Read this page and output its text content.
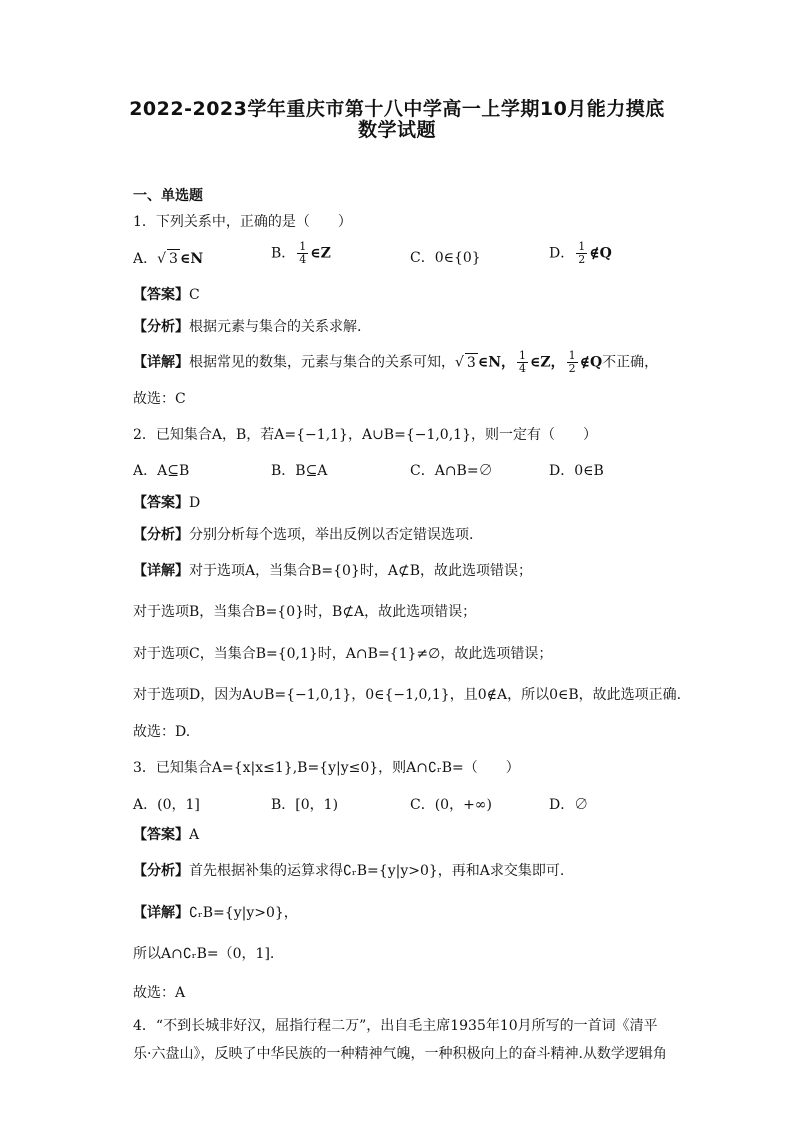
2022-2023学年重庆市第十八中学高一上学期10月能力摸底
数学试题
一、单选题
1．下列关系中，正确的是（　　）
A．√ 3 ∈N	B． $\frac{1}{4}$ ∈Z	C．0∈{0}	D． $\frac{1}{2}$ ∉Q
【答案】C
【分析】根据元素与集合的关系求解.
【详解】根据常见的数集，元素与集合的关系可知，√ 3 ∈N， $\frac{1}{4}$ ∈Z， $\frac{1}{2}$ ∉Q不正确，
故选：C
2．已知集合A，B，若A={−1,1}，A∪B={−1,0,1}，则一定有（　　）
A．A⊆B	B．B⊆A	C．A∩B=∅	D．0∈B
【答案】D
【分析】分别分析每个选项，举出反例以否定错误选项.
【详解】对于选项A，当集合B={0}时，A⊄B，故此选项错误；
对于选项B，当集合B={0}时，B⊄A，故此选项错误；
对于选项C，当集合B={0,1}时，A∩B={1}≠∅，故此选项错误；
对于选项D，因为A∪B={−1,0,1}，0∈{−1,0,1}，且0∉A，所以0∈B，故此选项正确.
故选：D.
3．已知集合A={x|x≤1},B={y|y≤0}，则A∩∁ᵣB=（　　）
A．(0，1]	B．[0，1)	C．(0，+∞)	D．∅
【答案】A
【分析】首先根据补集的运算求得∁ᵣB={y|y>0}，再和A求交集即可.
【详解】∁ᵣB={y|y>0}，
所以A∩∁ᵣB=（0，1].
故选：A
4．“不到长城非好汉，屈指行程二万”，出自毛主席1935年10月所写的一首词《清平
乐·六盘山》，反映了中华民族的一种精神气魄，一种积极向上的奋斗精神.从数学逻辑角
